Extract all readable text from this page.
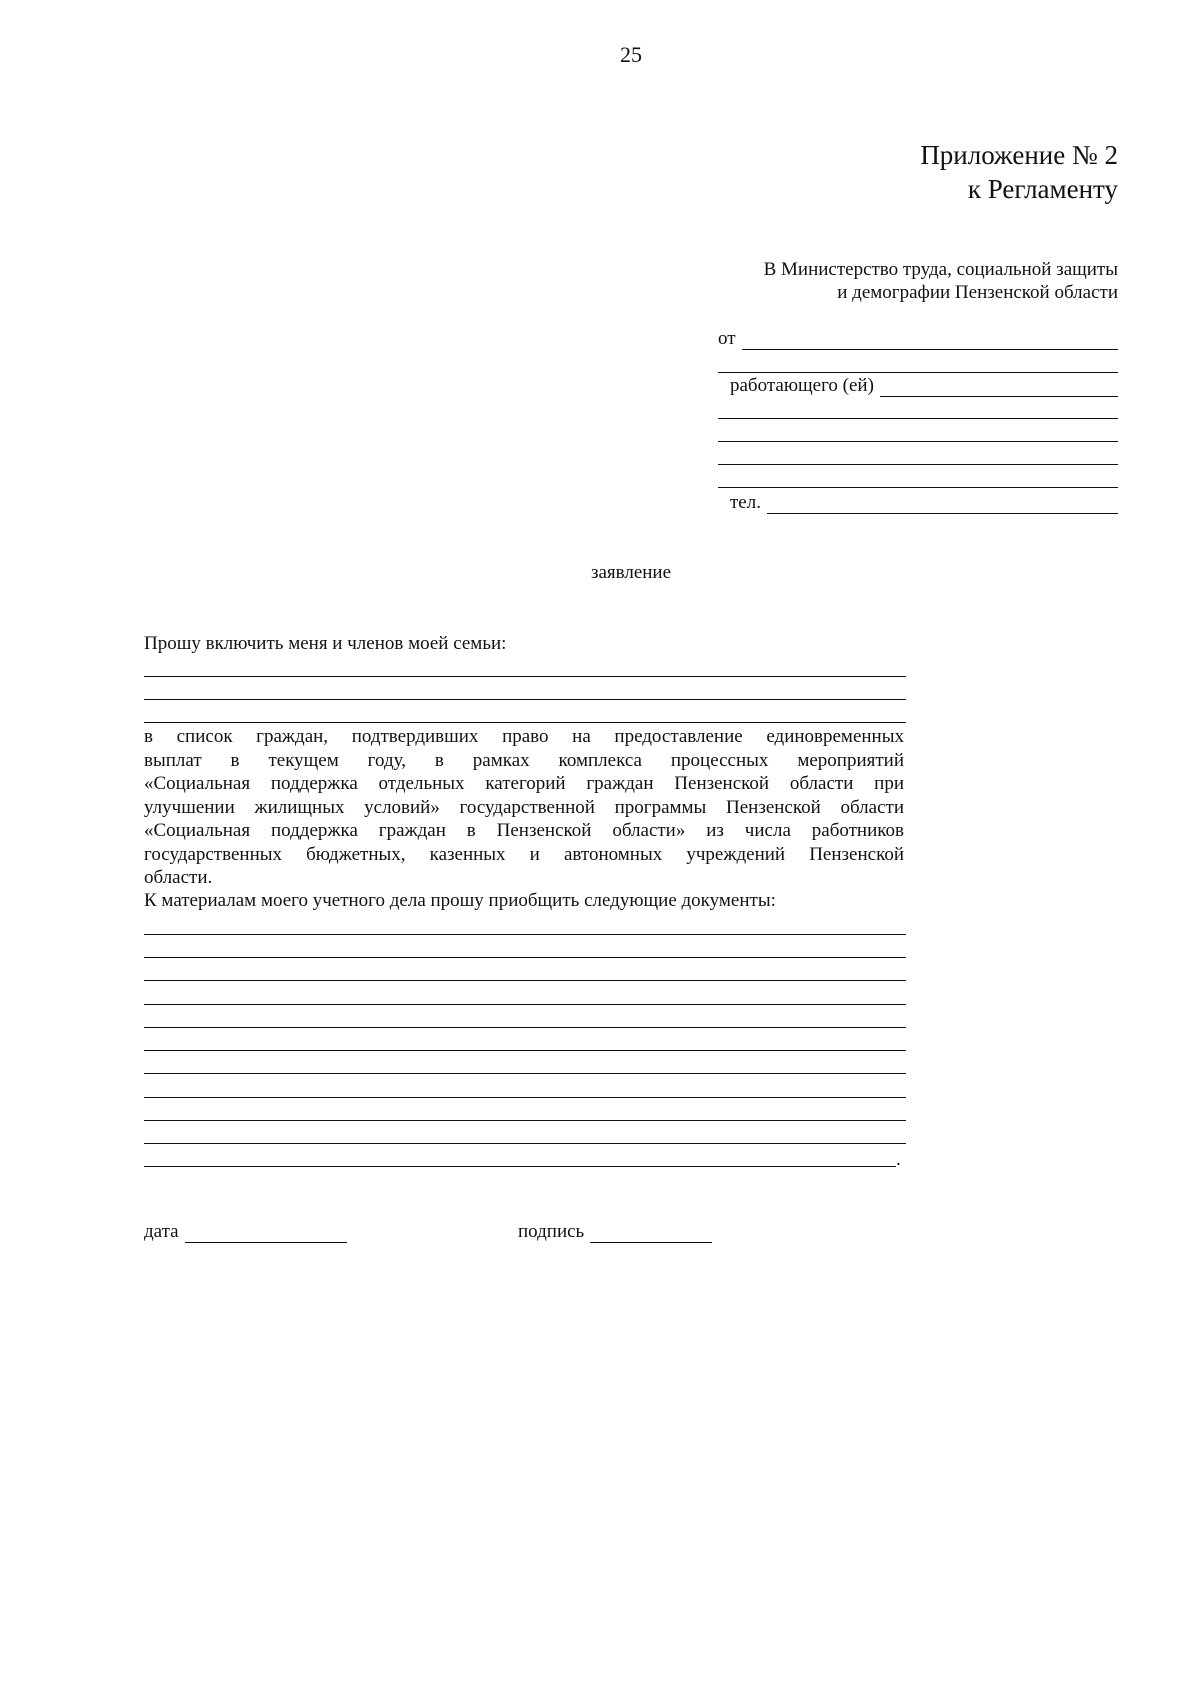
25
Приложение № 2
к Регламенту
В Министерство труда, социальной защиты
и демографии Пензенской области
от
работающего (ей)
тел.
заявление
Прошу включить меня и членов моей семьи:
в список граждан, подтвердивших право на предоставление единовременных
выплат в текущем году, в рамках комплекса процессных мероприятий
«Социальная поддержка отдельных категорий граждан Пензенской области при
улучшении жилищных условий» государственной программы Пензенской области
«Социальная поддержка граждан в Пензенской области» из числа работников
государственных бюджетных, казенных и автономных учреждений Пензенской
области.
К материалам моего учетного дела прошу приобщить следующие документы:
.
дата	подпись
